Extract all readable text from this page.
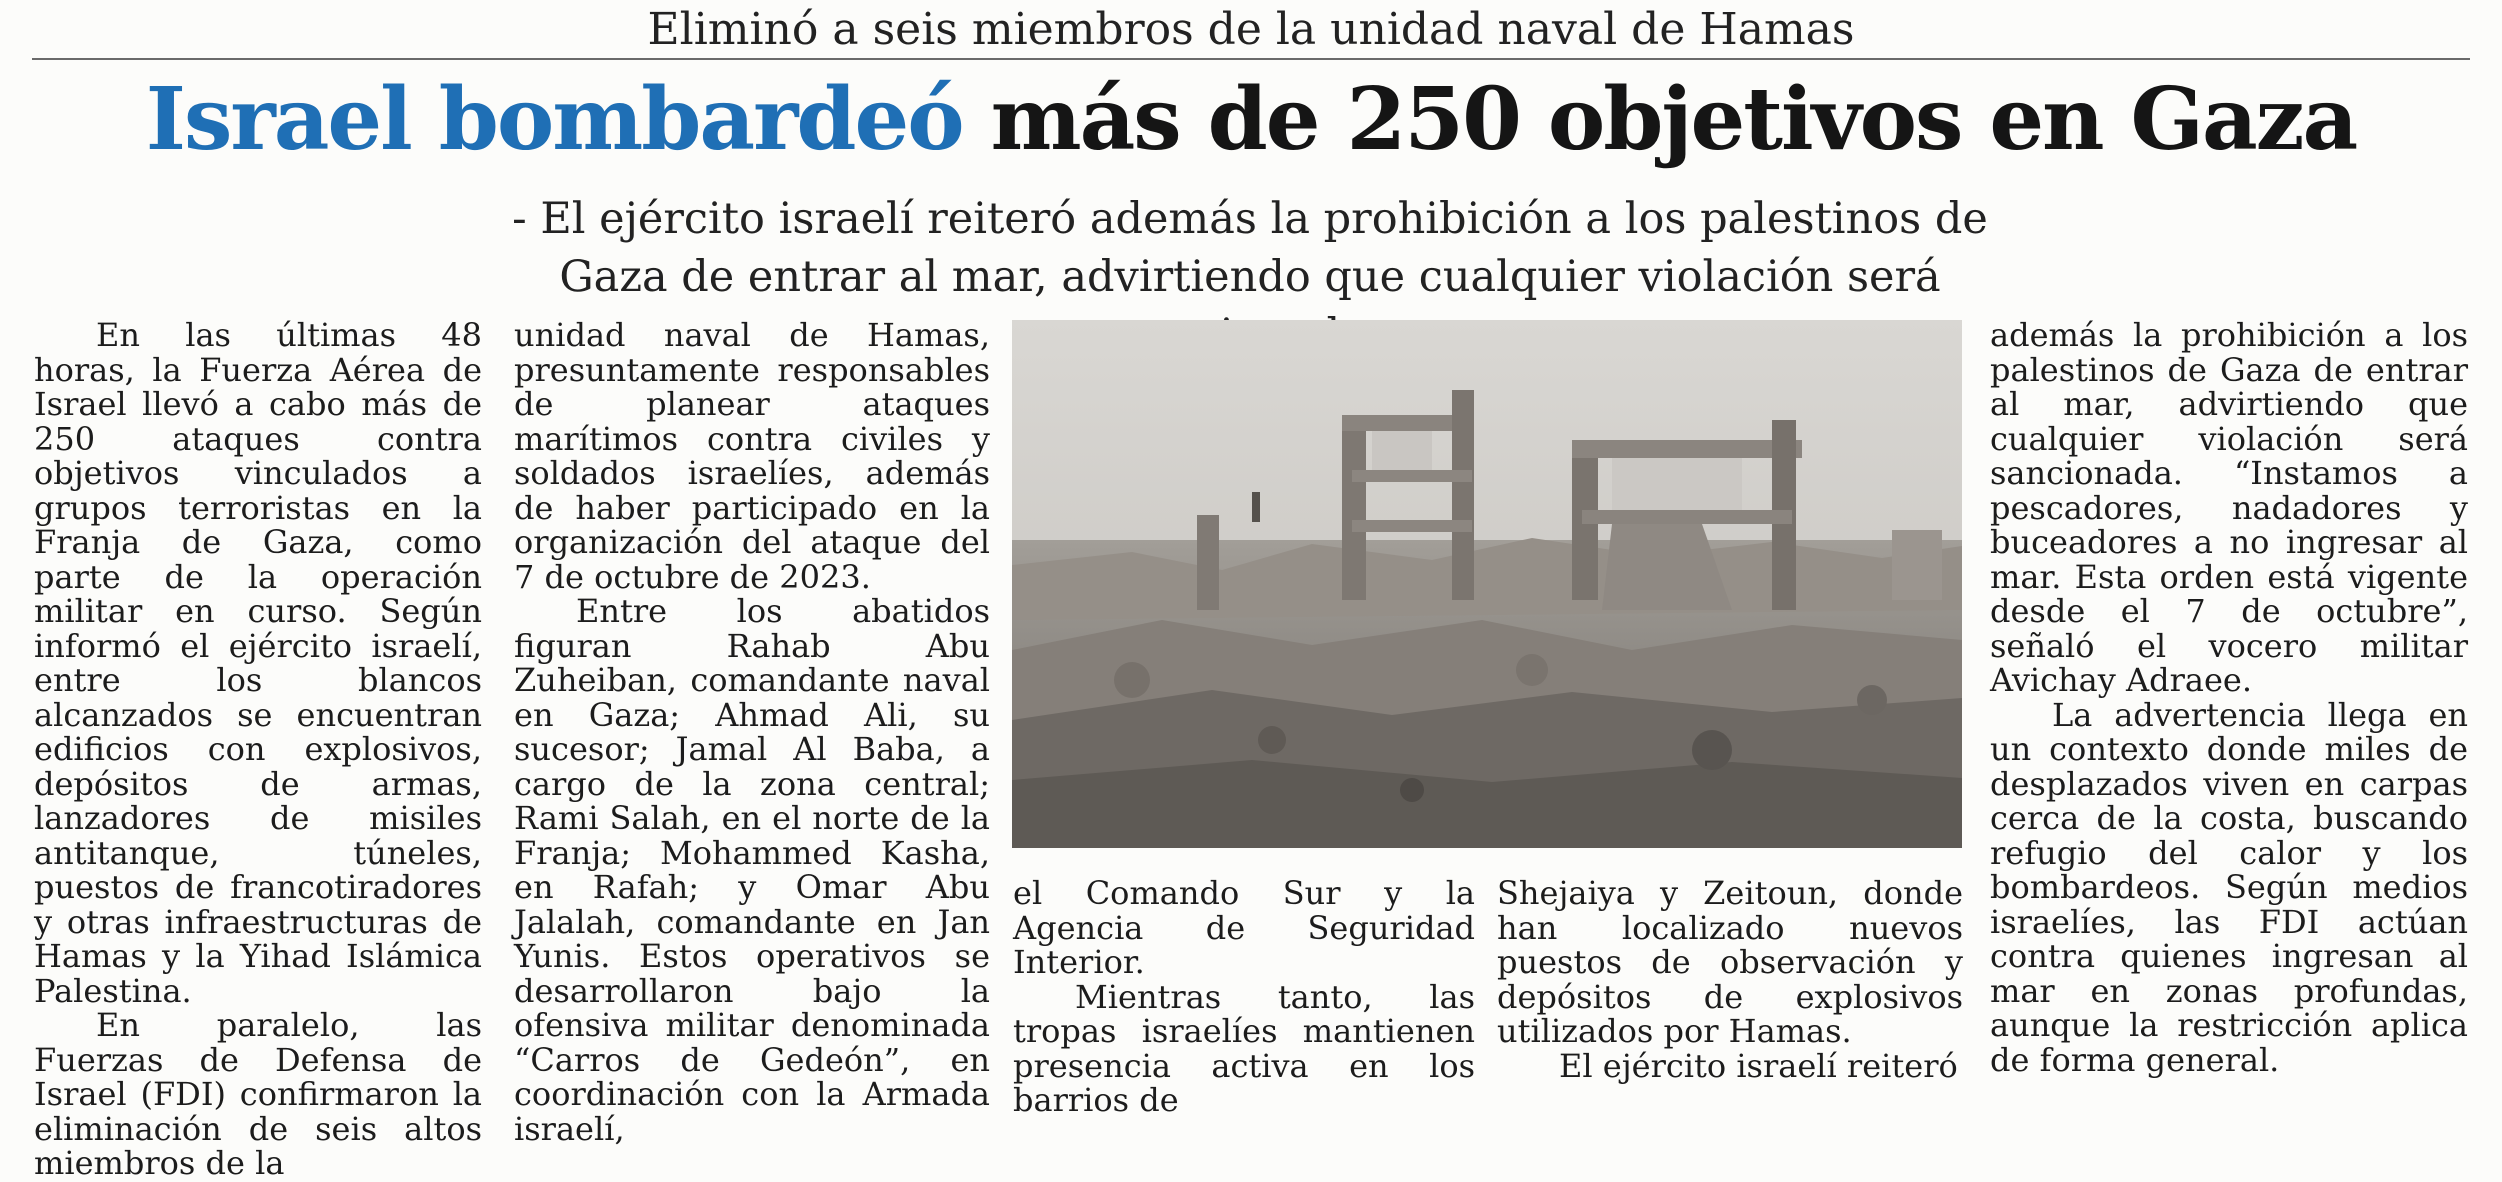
Eliminó a seis miembros de la unidad naval de Hamas
Israel bombardeó más de 250 objetivos en Gaza
- El ejército israelí reiteró además la prohibición a los palestinos de Gaza de entrar al mar, advirtiendo que cualquier violación será

En las últimas 48 horas, la Fuerza Aérea de Israel llevó a cabo más de 250 ataques contra objetivos vinculados a grupos terroristas en la Franja de Gaza, como parte de la operación militar en curso. Según informó el ejército israelí, entre los blancos alcanzados se encuentran edificios con explosivos, depósitos de armas, lanzadores de misiles antitanque, túneles, puestos de francotiradores y otras infraestructuras de Hamas y la Yihad Islámica Palestina.

En paralelo, las Fuerzas de Defensa de Israel (FDI) confirmaron la eliminación de seis altos miembros de la

unidad naval de Hamas, presuntamente responsables de planear ataques marítimos contra civiles y soldados israelíes, además de haber participado en la organización del ataque del 7 de octubre de 2023.

Entre los abatidos figuran Rahab Abu Zuheiban, comandante naval en Gaza; Ahmad Ali, su sucesor; Jamal Al Baba, a cargo de la zona central; Rami Salah, en el norte de la Franja; Mohammed Kasha, en Rafah; y Omar Abu Jalalah, comandante en Jan Yunis. Estos operativos se desarrollaron bajo la ofensiva militar denominada “Carros de Gedeón”, en coordinación con la Armada israelí,

el Comando Sur y la Agencia de Seguridad Interior.

Mientras tanto, las tropas israelíes mantienen presencia activa en los barrios de

Shejaiya y Zeitoun, donde han localizado nuevos puestos de observación y depósitos de explosivos utilizados por Hamas.

El ejército israelí reiteró

además la prohibición a los palestinos de Gaza de entrar al mar, advirtiendo que cualquier violación será sancionada. “Instamos a pescadores, nadadores y buceadores a no ingresar al mar. Esta orden está vigente desde el 7 de octubre”, señaló el vocero militar Avichay Adraee.

La advertencia llega en un contexto donde miles de desplazados viven en carpas cerca de la costa, buscando refugio del calor y los bombardeos. Según medios israelíes, las FDI actúan contra quienes ingresan al mar en zonas profundas, aunque la restricción aplica de forma general.
